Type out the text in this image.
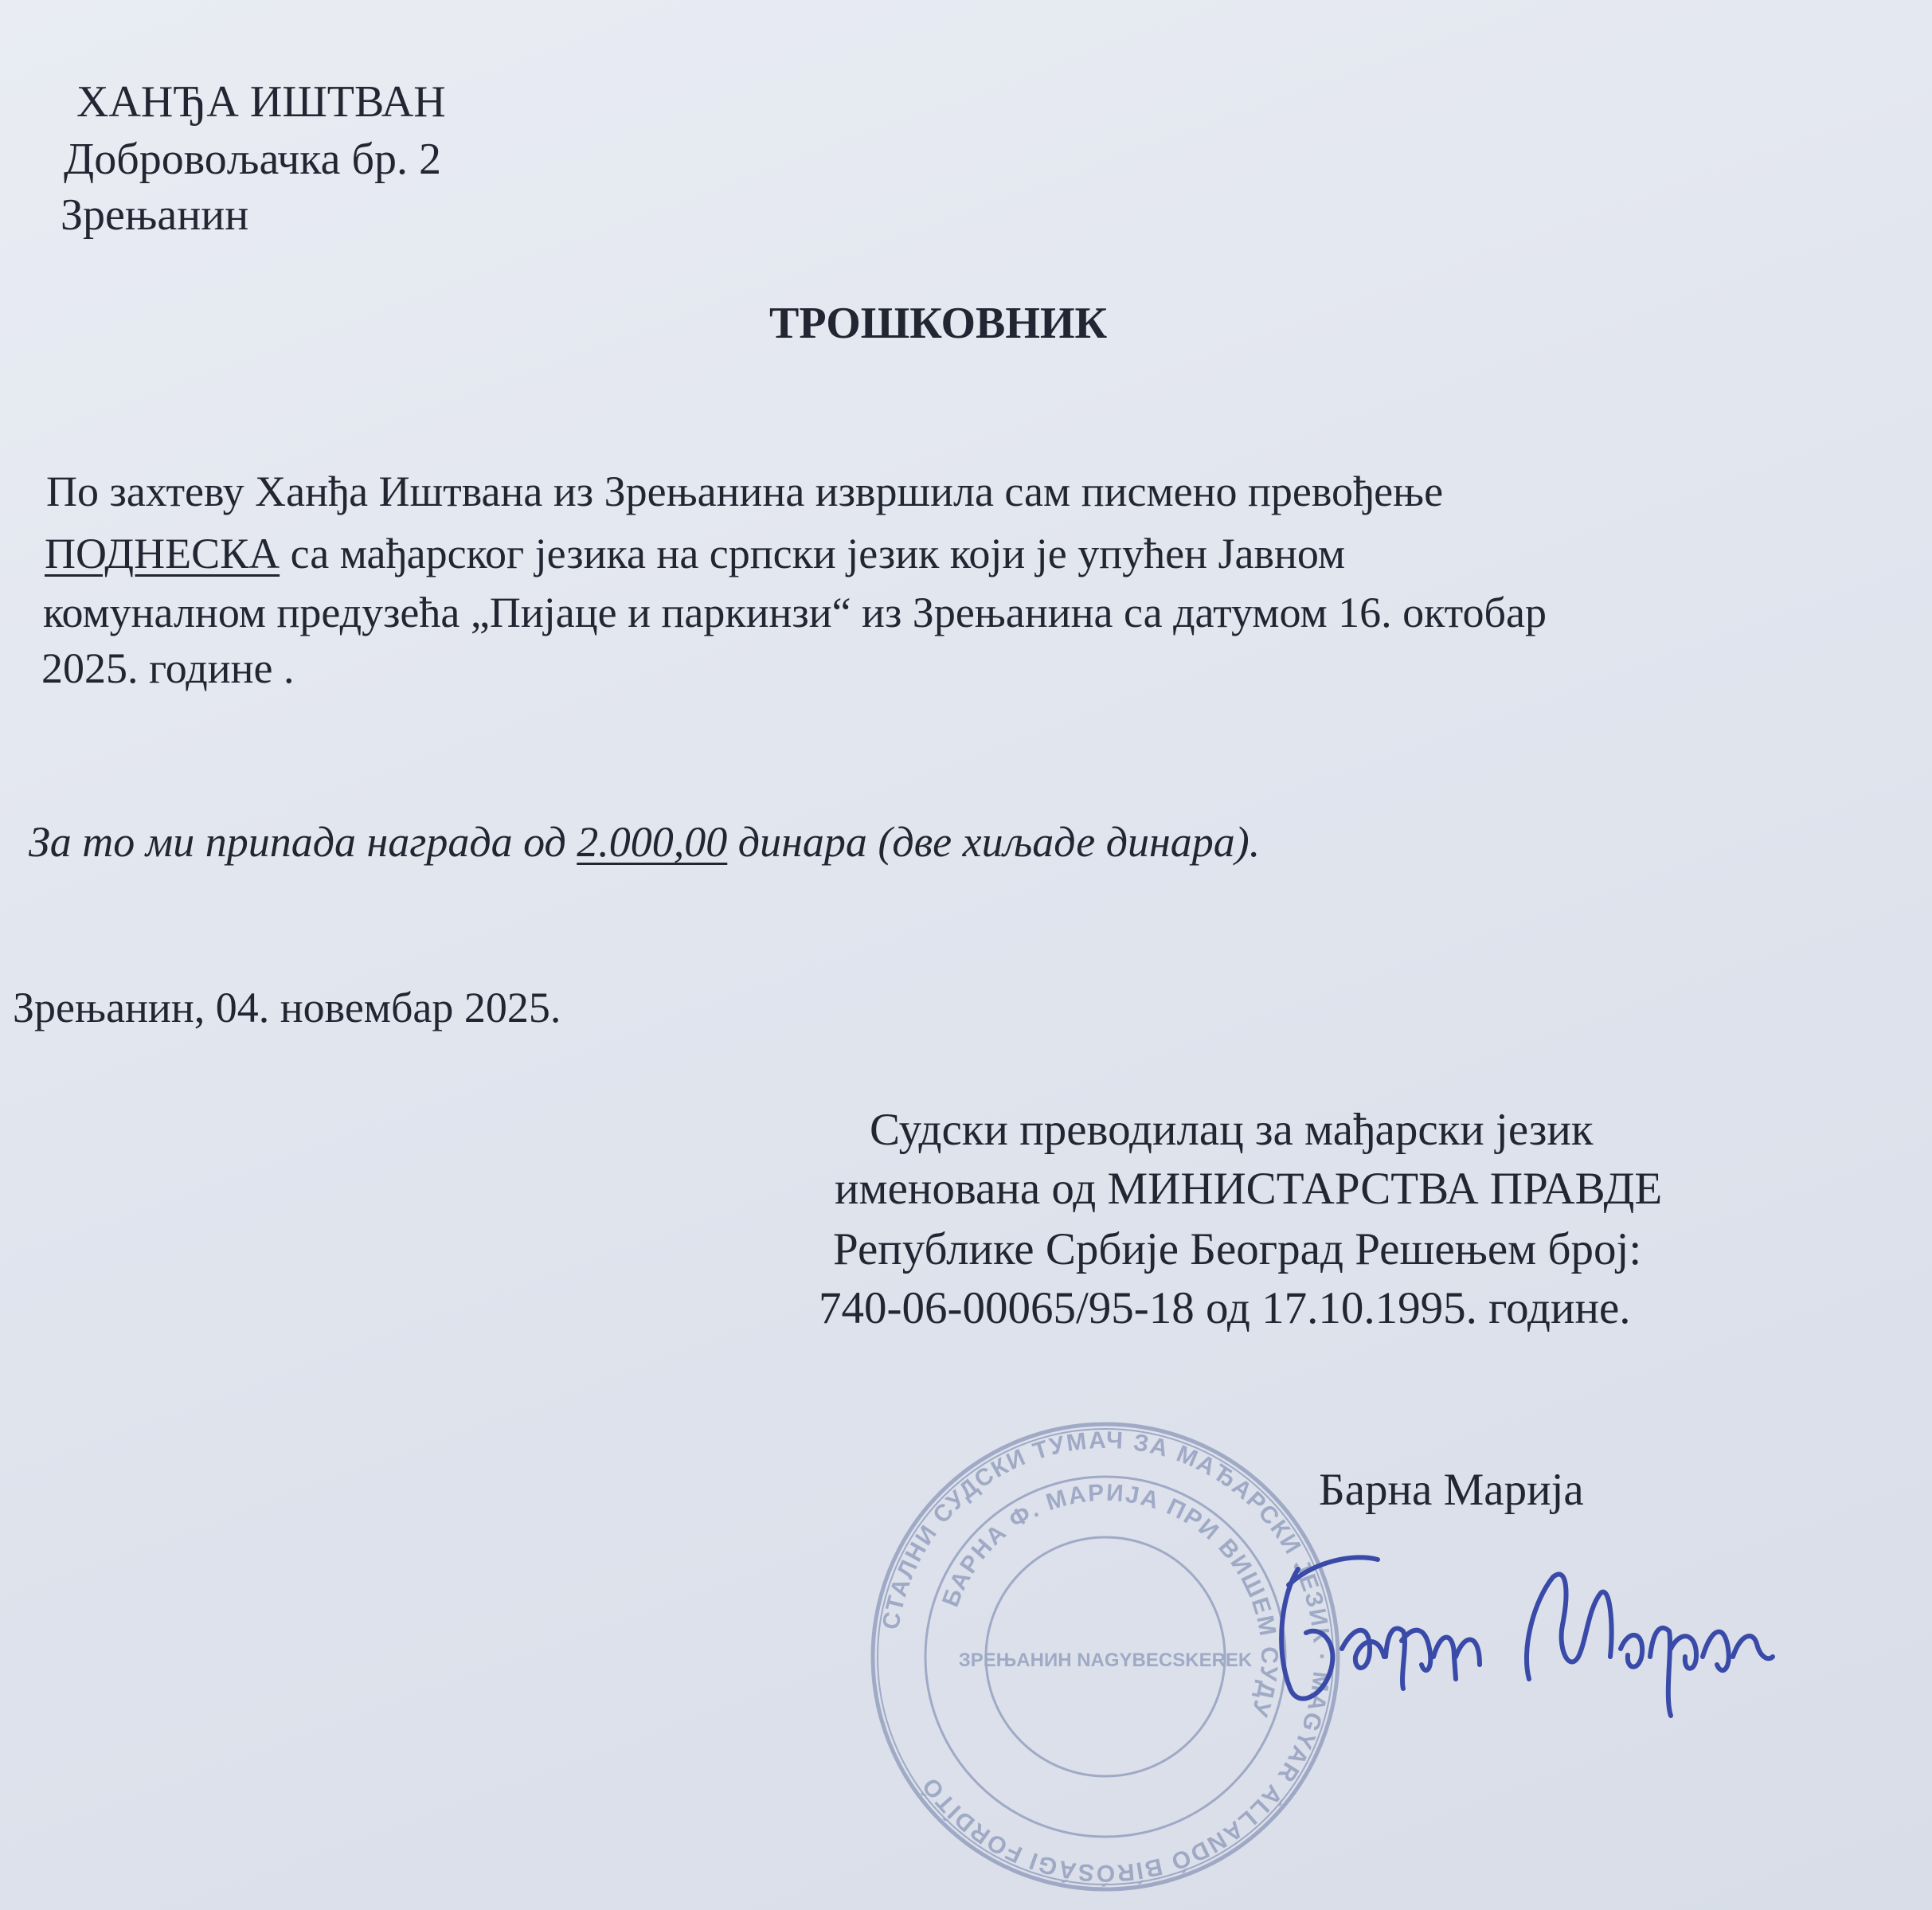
ХАНЂА ИШТВАН

Добровољачка бр. 2

Зрењанин

ТРОШКОВНИК

По захтеву Ханђа Иштвана из Зрењанина извршила сам писмено превођење

ПОДНЕСКА са мађарског језика на српски језик који је упућен Јавном

комуналном предузећа „Пијаце и паркинзи“ из Зрењанина са датумом 16. октобар

2025. године .

За то ми припада награда од 2.000,00 динара (две хиљаде динара).

Зрењанин, 04. новембар 2025.

Судски преводилац за мађарски језик

именована од МИНИСТАРСТВА ПРАВДЕ

Републике Србије Београд Решењем број:

740-06-00065/95-18 од 17.10.1995. године.

Барна Марија

СТАЛНИ СУДСКИ ТУМАЧ ЗА МАЂАРСКИ ЈЕЗИК · MAGYAR ÁLLANDÓ BÍRÓSÁGI FORDÍTÓ
БАРНА Ф. МАРИЈА ПРИ ВИШЕМ СУДУ
ЗРЕЊАНИН NAGYBECSKEREK
